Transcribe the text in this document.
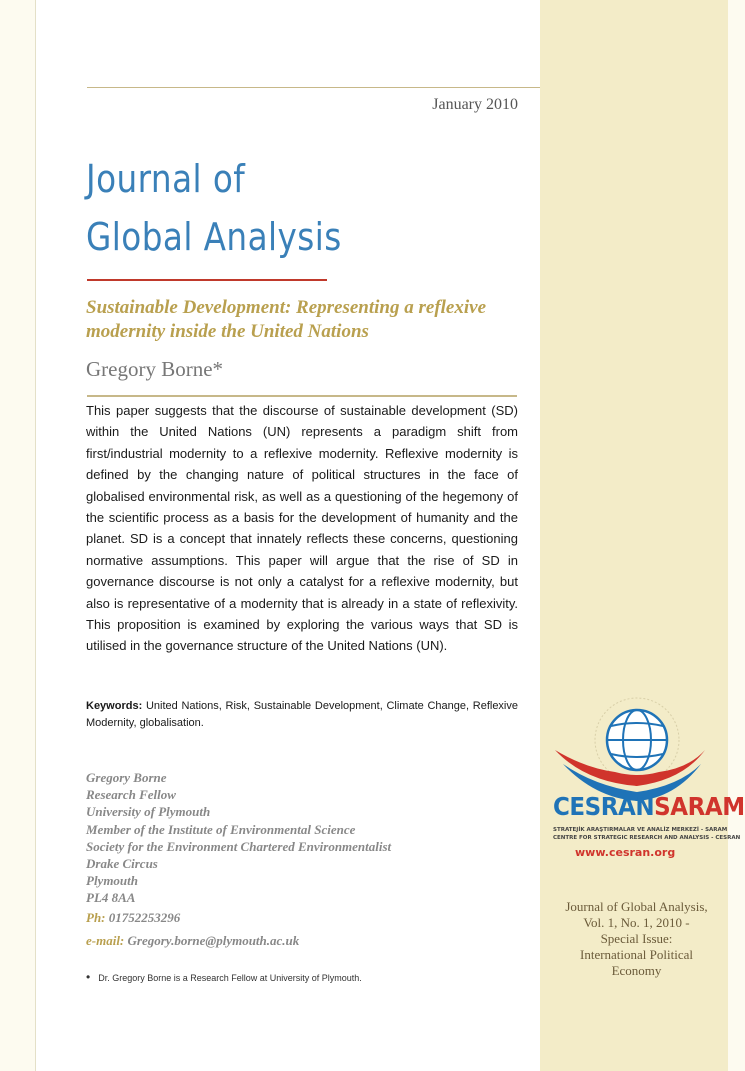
January 2010
Journal of
Global Analysis
Sustainable Development: Representing a reflexive
modernity inside the United Nations
Gregory Borne*

This paper suggests that the discourse of sustainable development (SD) within the United Nations (UN) represents a paradigm shift from first/industrial modernity to a reflexive modernity. Reflexive modernity is defined by the changing nature of political structures in the face of globalised environmental risk, as well as a questioning of the hegemony of the scientific process as a basis for the development of humanity and the planet. SD is a concept that innately reflects these concerns, questioning normative assumptions. This paper will argue that the rise of SD in governance discourse is not only a catalyst for a reflexive modernity, but also is representative of a modernity that is already in a state of reflexivity. This proposition is examined by exploring the various ways that SD is utilised in the governance structure of the United Nations (UN).

Keywords: United Nations, Risk, Sustainable Development, Climate Change, Reflexive Modernity, globalisation.
Gregory Borne
Research Fellow
University of Plymouth
Member of the Institute of Environmental Science
Society for the Environment Chartered Environmentalist
Drake Circus
Plymouth
PL4 8AA
Ph: 01752253296
e-mail: Gregory.borne@plymouth.ac.uk
• Dr. Gregory Borne is a Research Fellow at University of Plymouth.
CESRANSARAM
STRATEJİK ARAŞTIRMALAR VE ANALİZ MERKEZİ - SARAM
CENTRE FOR STRATEGIC RESEARCH AND ANALYSIS - CESRAN
www.cesran.org
Journal of Global Analysis,
Vol. 1, No. 1, 2010 -
Special Issue:
International Political
Economy
